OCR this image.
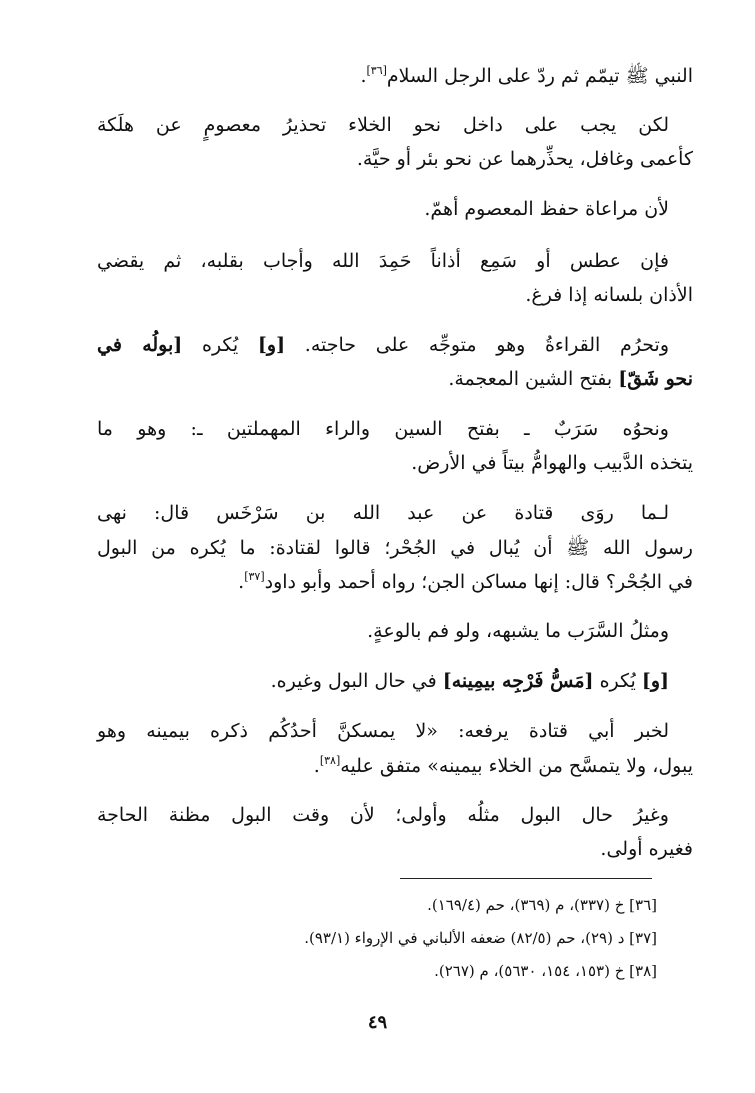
النبي ﷺ تيمّم ثم ردّ على الرجل السلام[٣٦].
لكن يجب على داخل نحو الخلاء تحذيرُ معصومٍ عن هلَكة
كأعمى وغافل، يحذِّرهما عن نحو بئر أو حيَّة.
لأن مراعاة حفظ المعصوم أهمّ.
فإن عطس أو سَمِع أذاناً حَمِدَ الله وأجاب بقلبه، ثم يقضي
الأذان بلسانه إذا فرغ.
وتحرُم القراءةُ وهو متوجِّه على حاجته. [و] يُكره [بولُه في
نحو شَقّ] بفتح الشين المعجمة.
ونحوُه سَرَبٌ ـ بفتح السين والراء المهملتين ـ: وهو ما
يتخذه الدَّبيب والهوامُّ بيتاً في الأرض.
لـما روَى قتادة عن عبد الله بن سَرْخَس قال: نهى
رسول الله ﷺ أن يُبال في الجُحْر؛ قالوا لقتادة: ما يُكره من البول
في الجُحْر؟ قال: إنها مساكن الجن؛ رواه أحمد وأبو داود[٣٧].
ومثلُ السَّرَب ما يشبهه، ولو فم بالوعةٍ.
[و] يُكره [مَسُّ فَرْجِه بيمِينه] في حال البول وغيره.
لخبر أبي قتادة يرفعه: «لا يمسكنَّ أحدُكُم ذكره بيمينه وهو
يبول، ولا يتمسَّح من الخلاء بيمينه» متفق عليه[٣٨].
وغيرُ حال البول مثلُه وأولى؛ لأن وقت البول مظنة الحاجة
فغيره أولى.
[٣٦] خ (٣٣٧)، م (٣٦٩)، حم (١٦٩/٤).
[٣٧] د (٢٩)، حم (٨٢/٥) ضعفه الألباني في الإرواء (٩٣/١).
[٣٨] خ (١٥٣، ١٥٤، ٥٦٣٠)، م (٢٦٧).
٤٩
